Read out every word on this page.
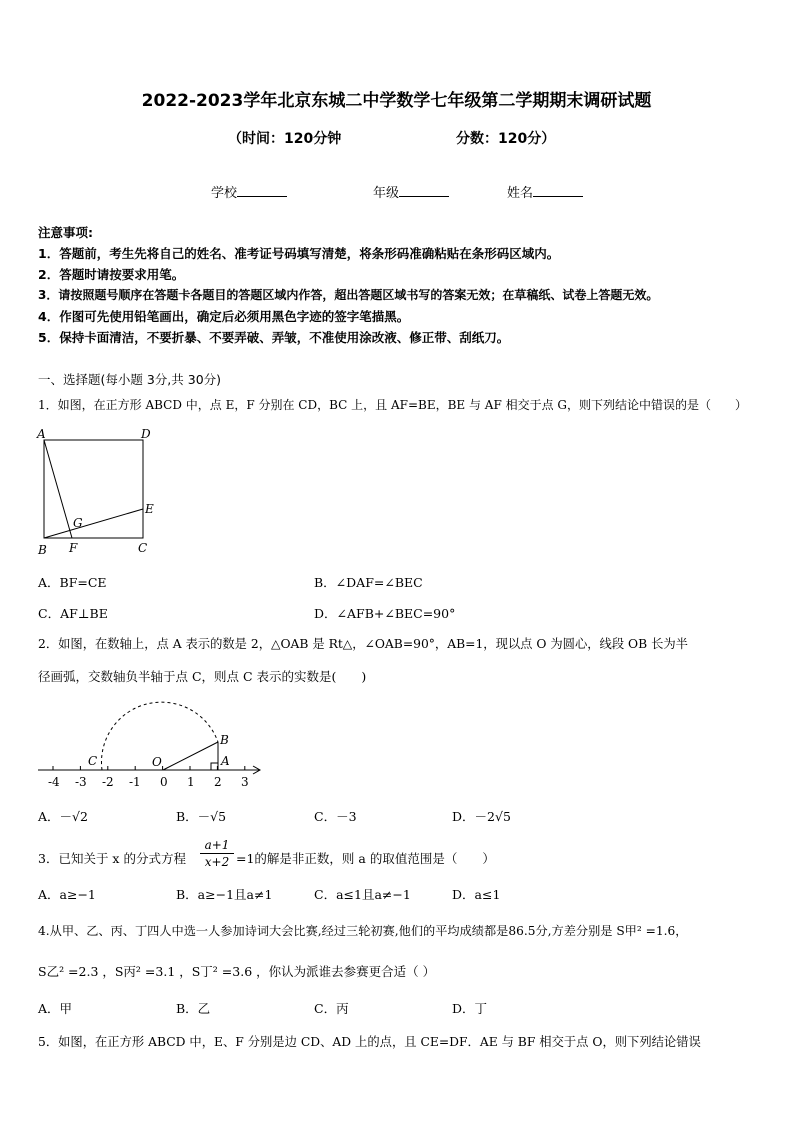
2022-2023学年北京东城二中学数学七年级第二学期期末调研试题
（时间：120分钟	分数：120分）
学校	年级	姓名
注意事项:
1．答题前，考生先将自己的姓名、准考证号码填写清楚，将条形码准确粘贴在条形码区域内。
2．答题时请按要求用笔。
3．请按照题号顺序在答题卡各题目的答题区域内作答，超出答题区域书写的答案无效；在草稿纸、试卷上答题无效。
4．作图可先使用铅笔画出，确定后必须用黑色字迹的签字笔描黑。
5．保持卡面清洁，不要折暴、不要弄破、弄皱，不准使用涂改液、修正带、刮纸刀。
一、选择题(每小题 3分,共 30分)
1．如图，在正方形 ABCD 中，点 E，F 分别在 CD，BC 上，且 AF=BE，BE 与 AF 相交于点 G，则下列结论中错误的是（　　）
A	D
E
G
B F	C
A．BF=CE	B．∠DAF=∠BEC
C．AF⊥BE	D．∠AFB+∠BEC=90°
2．如图，在数轴上，点 A 表示的数是 2，△OAB 是 Rt△，∠OAB=90°，AB=1，现以点 O 为圆心，线段 OB 长为半
径画弧，交数轴负半轴于点 C，则点 C 表示的实数是(　　)
C	O
B
A
-4 -3 -2 -1 0 1 2 3
A．－√2	B．－√5	C．－3	D．－2√5
3．已知关于 x 的分式方程 $\frac{a+1}{x+2} =1$的解是非正数，则 a 的取值范围是（　　）
A．a≥−1	B．a≥−1且a≠1	C．a≤1且a≠−1	D．a≤1
4.从甲、乙、丙、丁四人中选一人参加诗词大会比赛,经过三轮初赛,他们的平均成绩都是86.5分,方差分别是 S甲² =1.6，
S乙² =2.3 ，S丙² =3.1 ，S丁² =3.6 ，你认为派谁去参赛更合适（ ）
A．甲	B．乙	C．丙	D．丁
5．如图，在正方形 ABCD 中，E、F 分别是边 CD、AD 上的点，且 CE=DF．AE 与 BF 相交于点 O，则下列结论错误
